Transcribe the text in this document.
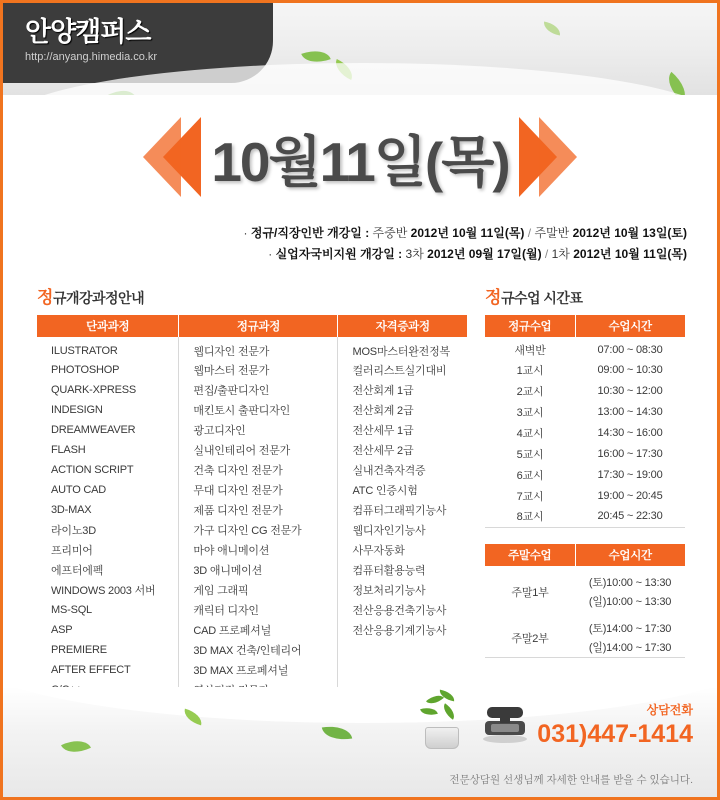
안양캠퍼스
http://anyang.himedia.co.kr
10월11일(목)
· 정규/직장인반 개강일 : 주중반 2012년 10월 11일(목) / 주말반 2012년 10월 13일(토)
· 실업자국비지원 개강일 : 3차 2012년 09월 17일(월) / 1차 2012년 10월 11일(목)
정규개강과정안내
단과과정	정규과정	자격증과정
ILUSTRATOR	웹디자인 전문가	MOS마스터완전정복
PHOTOSHOP	웹마스터 전문가	컬러리스트실기대비
QUARK-XPRESS	편집/출판디자인	전산회계 1급
INDESIGN	매킨토시 출판디자인	전산회계 2급
DREAMWEAVER	광고디자인	전산세무 1급
FLASH	실내인테리어 전문가	전산세무 2급
ACTION SCRIPT	건축 디자인 전문가	실내건축자격증
AUTO CAD	무대 디자인 전문가	ATC 인증시험
3D-MAX	제품 디자인 전문가	컴퓨터그래픽기능사
라이노3D	가구 디자인 CG 전문가	웹디자인기능사
프리미어	마야 애니메이션	사무자동화
에프터에펙	3D 애니메이션	컴퓨터활용능력
WINDOWS 2003 서버	게임 그래픽	정보처리기능사
MS-SQL	캐릭터 디자인	전산응용건축기능사
ASP	CAD 프로페셔널	전산응용기계기능사
PREMIERE	3D MAX 건축/인테리어	
AFTER EFFECT	3D MAX 프로페셔널	

정규수업 시간표
정규수업	수업시간
새벽반	07:00 ~ 08:30
1교시	09:00 ~ 10:30
2교시	10:30 ~ 12:00
3교시	13:00 ~ 14:30
4교시	14:30 ~ 16:00
5교시	16:00 ~ 17:30
6교시	17:30 ~ 19:00
7교시	19:00 ~ 20:45
8교시	20:45 ~ 22:30
주말수업	수업시간
주말1부	(토)10:00 ~ 13:30
	(일)10:00 ~ 13:30
주말2부	(토)14:00 ~ 17:30
	(일)14:00 ~ 17:30
상담전화
031)447-1414
전문상담원 선생님께 자세한 안내를 받을 수 있습니다.
